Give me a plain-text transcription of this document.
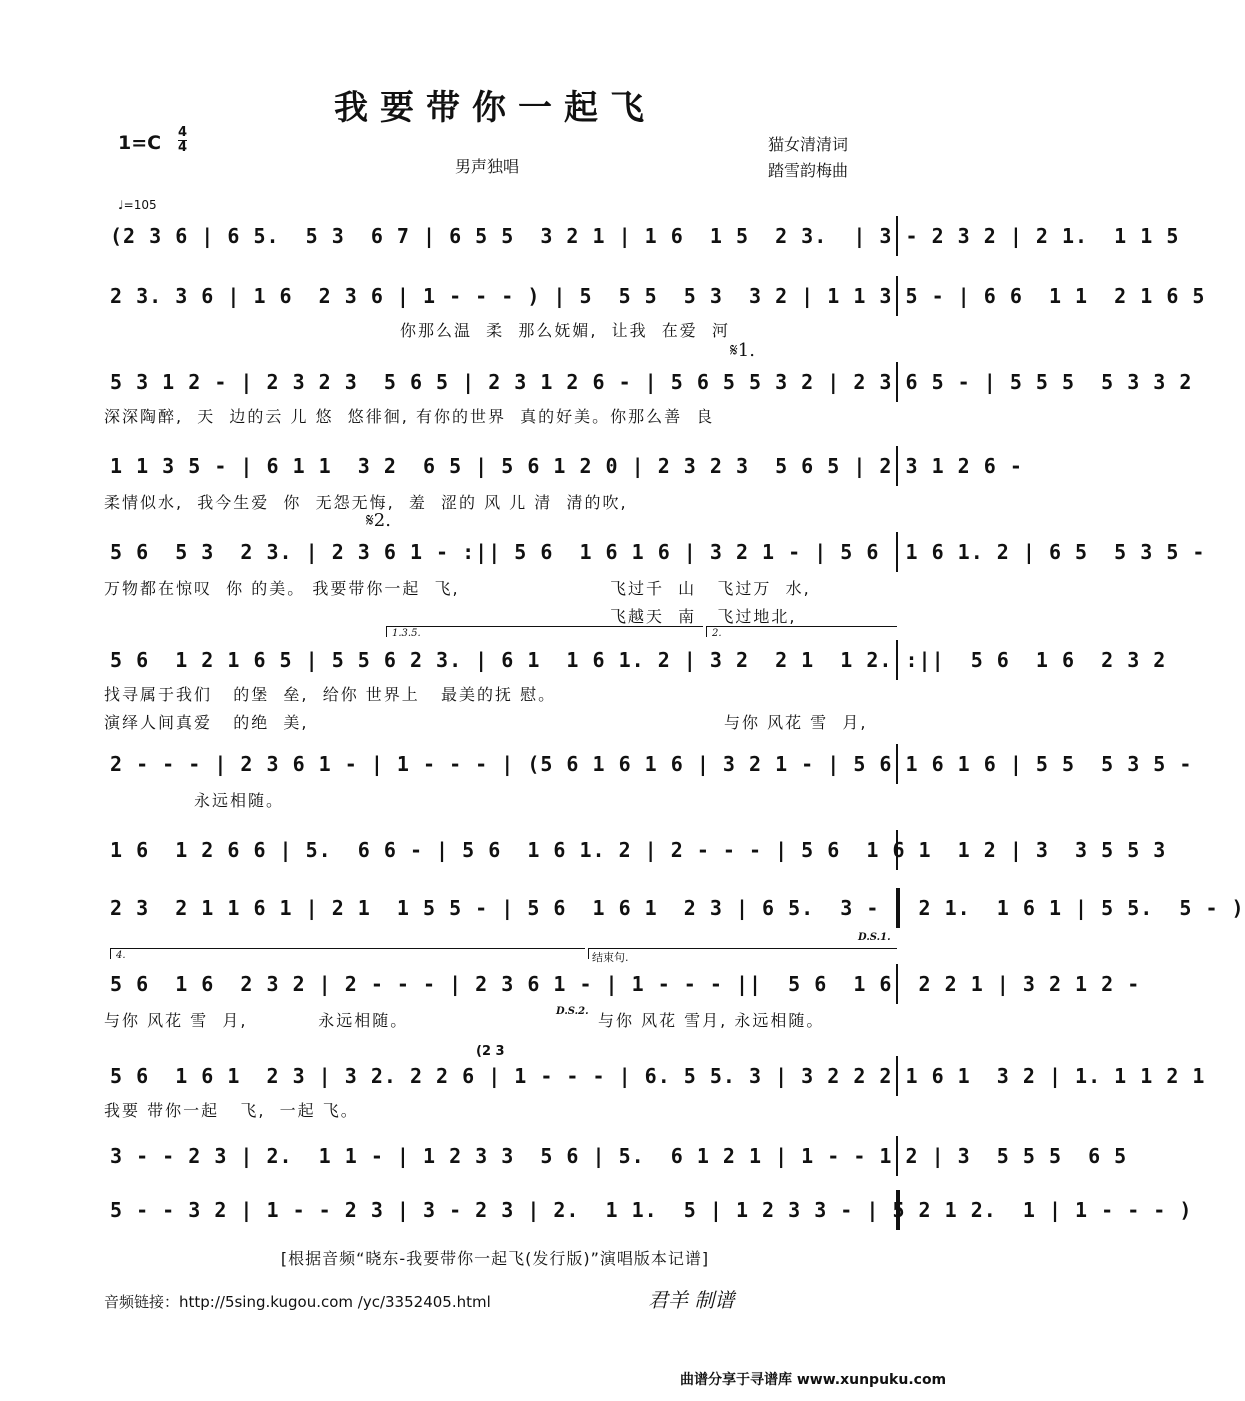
我要带你一起飞
1=C 4
4
男声独唱
猫女清清词
踏雪韵梅曲
♩=105
(2 3 6 | 6 5.  5 3  6 7 | 6 5 5  3 2 1 | 1 6  1 5  2 3.  | 3 - 2 3 2 | 2 1.  1 1 5
2 3. 3 6 | 1 6  2 3 6 | 1 - - - ) | 5  5 5  5 3  3 2 | 1 1 3 5 - | 6 6  1 1  2 1 6 5
你那么温  柔  那么妩媚,  让我  在爱  河
𝄋1.
5 3 1 2 - | 2 3 2 3  5 6 5 | 2 3 1 2 6 - | 5 6 5 5 3 2 | 2 3 6 5 - | 5 5 5  5 3 3 2
深深陶醉,  天  边的云 儿 悠  悠徘徊, 有你的世界  真的好美。你那么善  良
1 1 3 5 - | 6 1 1  3 2  6 5 | 5 6 1 2 0 | 2 3 2 3  5 6 5 | 2 3 1 2 6 -
柔情似水,  我今生爱  你  无怨无悔,  羞  涩的 风 儿 清  清的吹,
𝄋2.
5 6  5 3  2 3. | 2 3 6 1 - :|| 5 6  1 6 1 6 | 3 2 1 - | 5 6  1 6 1. 2 | 6 5  5 3 5 -
万物都在惊叹  你 的美。 我要带你一起  飞,	飞过千  山   飞过万  水,
飞越天  南   飞过地北,
1.3.5.	2.
5 6  1 2 1 6 5 | 5 5 6 2 3. | 6 1  1 6 1. 2 | 3 2  2 1  1 2. :||  5 6  1 6  2 3 2
找寻属于我们   的堡  垒,  给你 世界上   最美的抚 慰。
演绎人间真爱   的绝  美,	与你 风花 雪  月,
2 - - - | 2 3 6 1 - | 1 - - - | (5 6 1 6 1 6 | 3 2 1 - | 5 6 1 6 1 6 | 5 5  5 3 5 -
永远相随。
1 6  1 2 6 6 | 5.  6 6 - | 5 6  1 6 1. 2 | 2 - - - | 5 6  1 6 1  1 2 | 3  3 5 5 3
2 3  2 1 1 6 1 | 2 1  1 5 5 - | 5 6  1 6 1  2 3 | 6 5.  3 - | 2 1.  1 6 1 | 5 5.  5 - )
D.S.1.
4.	结束句.
5 6  1 6  2 3 2 | 2 - - - | 2 3 6 1 - | 1 - - - ||  5 6  1 6  2 2 1 | 3 2 1 2 -
与你 风花 雪  月,          永远相随。	D.S.2. 与你 风花 雪月, 永远相随。
(2 3
5 6  1 6 1  2 3 | 3 2. 2 2 6 | 1 - - - | 6. 5 5. 3 | 3 2 2 2 1 6 1  3 2 | 1. 1 1 2 1
我要 带你一起   飞,  一起 飞。
3 - - 2 3 | 2.  1 1 - | 1 2 3 3  5 6 | 5.  6 1 2 1 | 1 - - 1 2 | 3  5 5 5  6 5
5 - - 3 2 | 1 - - 2 3 | 3 - 2 3 | 2.  1 1.  5 | 1 2 3 3 - | 5 2 1 2.  1 | 1 - - - )
[根据音频“晓东-我要带你一起飞(发行版)”演唱版本记谱]
音频链接：http://5sing.kugou.com /yc/3352405.html	君羊 制谱
曲谱分享于寻谱库 www.xunpuku.com
